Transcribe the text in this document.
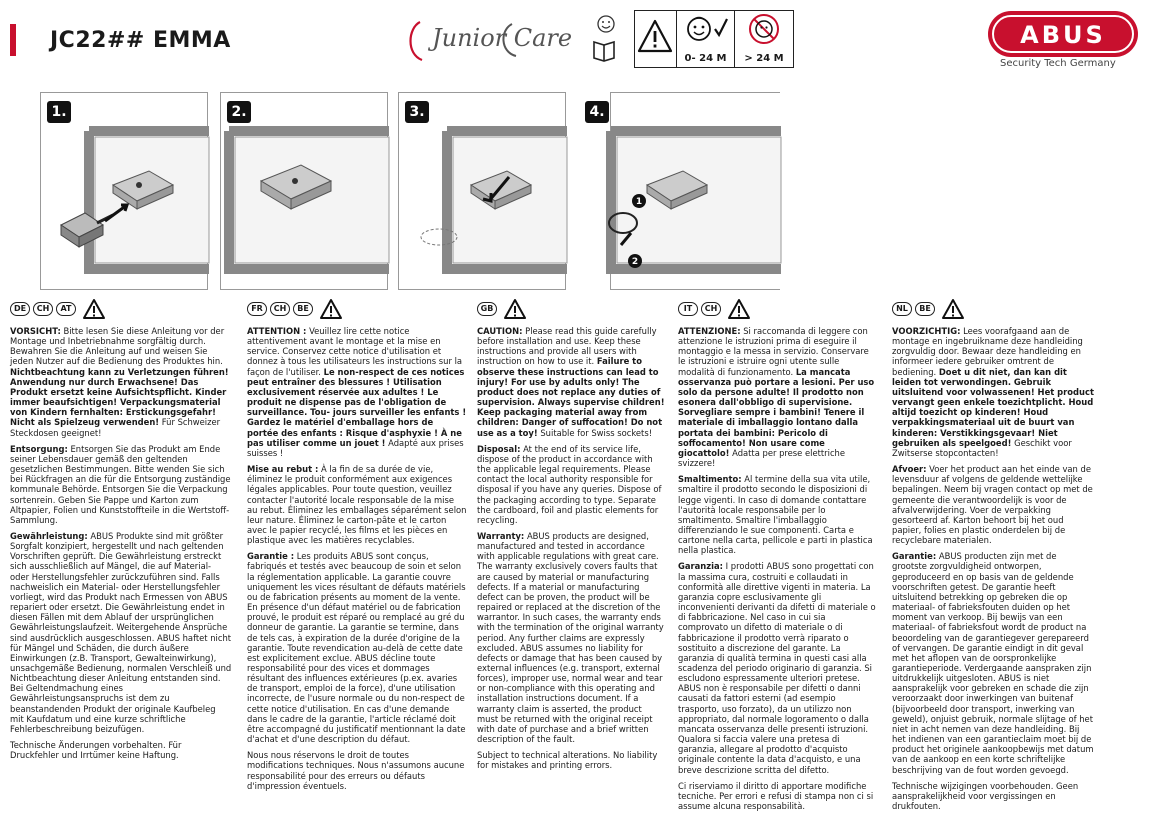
JC22## EMMA	Junior Care
0- 24 M	> 24 M
ABUS
Security Tech Germany
1.	2.	3.
1
2
4.
DE	CH	AT	FR	CH	BE	GB	IT	CH	NL	BE

VORSICHT: Bitte lesen Sie diese Anleitung vor der Montage und Inbetriebnahme sorgfältig durch. Bewahren Sie die Anleitung auf und weisen Sie jeden Nutzer auf die Bedienung des Produktes hin. Nichtbeachtung kann zu Verletzungen führen! Anwendung nur durch Erwachsene! Das Produkt ersetzt keine Aufsichtspflicht. Kinder immer beaufsichtigen! Verpackungsmaterial von Kindern fernhalten: Erstickungsgefahr! Nicht als Spielzeug verwenden! Für Schweizer Steckdosen geeignet!

Entsorgung: Entsorgen Sie das Produkt am Ende seiner Lebensdauer gemäß den geltenden gesetzlichen Bestimmungen. Bitte wenden Sie sich bei Rückfragen an die für die Entsorgung zuständige kommunale Behörde. Entsorgen Sie die Verpackung sortenrein. Geben Sie Pappe und Karton zum Altpapier, Folien und Kunststoffteile in die Wertstoff-Sammlung.

Gewährleistung: ABUS Produkte sind mit größter Sorgfalt konzipiert, hergestellt und nach geltenden Vorschriften geprüft. Die Gewährleistung erstreckt sich ausschließlich auf Mängel, die auf Material- oder Herstellungsfehler zurückzuführen sind. Falls nachweislich ein Material- oder Herstellungsfehler vorliegt, wird das Produkt nach Ermessen von ABUS repariert oder ersetzt. Die Gewährleistung endet in diesen Fällen mit dem Ablauf der ursprünglichen Gewährleistungslaufzeit. Weitergehende Ansprüche sind ausdrücklich ausgeschlossen. ABUS haftet nicht für Mängel und Schäden, die durch äußere Einwirkungen (z.B. Transport, Gewalteinwirkung), unsachgemäße Bedienung, normalen Verschleiß und Nichtbeachtung dieser Anleitung entstanden sind. Bei Geltendmachung eines Gewährleistungsanspruchs ist dem zu beanstandenden Produkt der originale Kaufbeleg mit Kaufdatum und eine kurze schriftliche Fehlerbeschreibung beizufügen.

Technische Änderungen vorbehalten. Für Druckfehler und Irrtümer keine Haftung.

ATTENTION : Veuillez lire cette notice attentivement avant le montage et la mise en service. Conservez cette notice d'utilisation et donnez à tous les utilisateurs les instructions sur la façon de l'utiliser. Le non-respect de ces notices peut entraîner des blessures ! Utilisation exclusivement réservée aux adultes ! Le produit ne dispense pas de l'obligation de surveillance. Tou- jours surveiller les enfants ! Gardez le matériel d'emballage hors de portée des enfants : Risque d'asphyxie ! À ne pas utiliser comme un jouet ! Adapté aux prises suisses !

Mise au rebut : À la fin de sa durée de vie, éliminez le produit conformément aux exigences légales applicables. Pour toute question, veuillez contacter l'autorité locale responsable de la mise au rebut. Éliminez les emballages séparément selon leur nature. Éliminez le carton-pâte et le carton avec le papier recyclé, les films et les pièces en plastique avec les matières recyclables.

Garantie : Les produits ABUS sont conçus, fabriqués et testés avec beaucoup de soin et selon la réglementation applicable. La garantie couvre uniquement les vices résultant de défauts matériels ou de fabrication présents au moment de la vente. En présence d'un défaut matériel ou de fabrication prouvé, le produit est réparé ou remplacé au gré du donneur de garantie. La garantie se termine, dans de tels cas, à expiration de la durée d'origine de la garantie. Toute revendication au-delà de cette date est explicitement exclue. ABUS décline toute responsabilité pour des vices et dommages résultant des influences extérieures (p.ex. avaries de transport, emploi de la force), d'une utilisation incorrecte, de l'usure normale ou du non-respect de cette notice d'utilisation. En cas d'une demande dans le cadre de la garantie, l'article réclamé doit être accompagné du justificatif mentionnant la date d'achat et d'une description du défaut.

Nous nous réservons le droit de toutes modifications techniques. Nous n'assumons aucune responsabilité pour des erreurs ou défauts d'impression éventuels.

CAUTION: Please read this guide carefully before installation and use. Keep these instructions and provide all users with instruction on how to use it. Failure to observe these instructions can lead to injury! For use by adults only! The product does not replace any duties of supervision. Always supervise children! Keep packaging material away from children: Danger of suffocation! Do not use as a toy! Suitable for Swiss sockets!

Disposal: At the end of its service life, dispose of the product in accordance with the applicable legal requirements. Please contact the local authority responsible for disposal if you have any queries. Dispose of the packaging according to type. Separate the cardboard, foil and plastic elements for recycling.

Warranty: ABUS products are designed, manufactured and tested in accordance with applicable regulations with great care. The warranty exclusively covers faults that are caused by material or manufacturing defects. If a material or manufacturing defect can be proven, the product will be repaired or replaced at the discretion of the warrantor. In such cases, the warranty ends with the termination of the original warranty period. Any further claims are expressly excluded. ABUS assumes no liability for defects or damage that has been caused by external influences (e.g. transport, external forces), improper use, normal wear and tear or non-compliance with this operating and installation instructions document. If a warranty claim is asserted, the product must be returned with the original receipt with date of purchase and a brief written description of the fault.

Subject to technical alterations. No liability for mistakes and printing errors.

ATTENZIONE: Si raccomanda di leggere con attenzione le istruzioni prima di eseguire il montaggio e la messa in servizio. Conservare le istruzioni e istruire ogni utente sulle modalità di funzionamento. La mancata osservanza può portare a lesioni. Per uso solo da persone adulte! Il prodotto non esonera dall'obbligo di supervisione. Sorvegliare sempre i bambini! Tenere il materiale di imballaggio lontano dalla portata dei bambini: Pericolo di soffocamento! Non usare come giocattolo! Adatta per prese elettriche svizzere!

Smaltimento: Al termine della sua vita utile, smaltire il prodotto secondo le disposizioni di legge vigenti. In caso di domande contattare l'autorità locale responsabile per lo smaltimento. Smaltire l'imballaggio differenziando le sue componenti. Carta e cartone nella carta, pellicole e parti in plastica nella plastica.

Garanzia: I prodotti ABUS sono progettati con la massima cura, costruiti e collaudati in conformità alle direttive vigenti in materia. La garanzia copre esclusivamente gli inconvenienti derivanti da difetti di materiale o di fabbricazione. Nel caso in cui sia comprovato un difetto di materiale o di fabbricazione il prodotto verrà riparato o sostituito a discrezione del garante. La garanzia di qualità termina in questi casi alla scadenza del periodo originario di garanzia. Si escludono espressamente ulteriori pretese. ABUS non è responsabile per difetti o danni causati da fattori esterni (ad esempio trasporto, uso forzato), da un utilizzo non appropriato, dal normale logoramento o dalla mancata osservanza delle presenti istruzioni. Qualora si faccia valere una pretesa di garanzia, allegare al prodotto d'acquisto originale contente la data d'acquisto, e una breve descrizione scritta del difetto.

Ci riserviamo il diritto di apportare modifiche tecniche. Per errori e refusi di stampa non ci si assume alcuna responsabilità.

VOORZICHTIG: Lees voorafgaand aan de montage en ingebruikname deze handleiding zorgvuldig door. Bewaar deze handleiding en informeer iedere gebruiker omtrent de bediening. Doet u dit niet, dan kan dit leiden tot verwondingen. Gebruik uitsluitend voor volwassenen! Het product vervangt geen enkele toezichtplicht. Houd altijd toezicht op kinderen! Houd verpakkingsmateriaal uit de buurt van kinderen: Verstikkingsgevaar! Niet gebruiken als speelgoed! Geschikt voor Zwitserse stopcontacten!

Afvoer: Voer het product aan het einde van de levensduur af volgens de geldende wettelijke bepalingen. Neem bij vragen contact op met de gemeente die verantwoordelijk is voor de afvalverwijdering. Voer de verpakking gesorteerd af. Karton behoort bij het oud papier, folies en plastic onderdelen bij de recyclebare materialen.

Garantie: ABUS producten zijn met de grootste zorgvuldigheid ontworpen, geproduceerd en op basis van de geldende voorschriften getest. De garantie heeft uitsluitend betrekking op gebreken die op materiaal- of fabrieksfouten duiden op het moment van verkoop. Bij bewijs van een materiaal- of fabrieksfout wordt de product na beoordeling van de garantiegever gerepareerd of vervangen. De garantie eindigt in dit geval met het aflopen van de oorspronkelijke garantieperiode. Verdergaande aanspraken zijn uitdrukkelijk uitgesloten. ABUS is niet aansprakelijk voor gebreken en schade die zijn veroorzaakt door inwerkingen van buitenaf (bijvoorbeeld door transport, inwerking van geweld), onjuist gebruik, normale slijtage of het niet in acht nemen van deze handleiding. Bij het indienen van een garantieclaim moet bij de product het originele aankoopbewijs met datum van de aankoop en een korte schriftelijke beschrijving van de fout worden gevoegd.

Technische wijzigingen voorbehouden. Geen aansprakelijkheid voor vergissingen en drukfouten.
